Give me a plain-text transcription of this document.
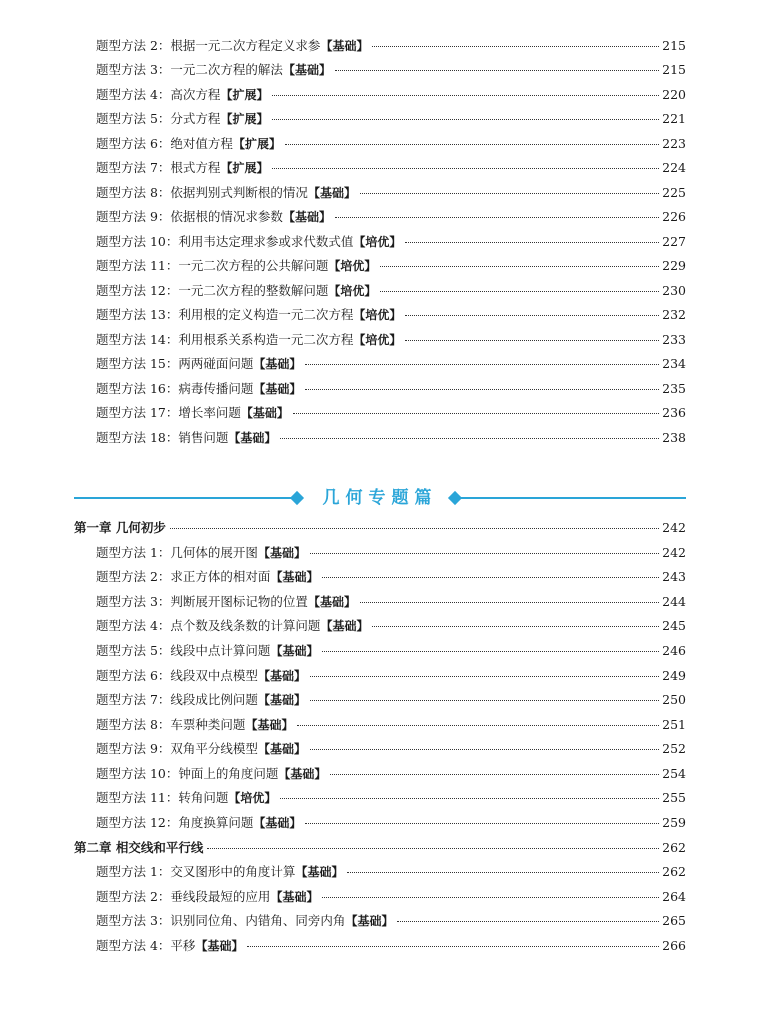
题型方法 2：根据一元二次方程定义求参 【基础】	215
题型方法 3：一元二次方程的解法 【基础】	215
题型方法 4：高次方程 【扩展】	220
题型方法 5：分式方程 【扩展】	221
题型方法 6：绝对值方程 【扩展】	223
题型方法 7：根式方程 【扩展】	224
题型方法 8：依据判别式判断根的情况 【基础】	225
题型方法 9：依据根的情况求参数 【基础】	226
题型方法 10：利用韦达定理求参或求代数式值 【培优】	227
题型方法 11：一元二次方程的公共解问题 【培优】	229
题型方法 12：一元二次方程的整数解问题 【培优】	230
题型方法 13：利用根的定义构造一元二次方程 【培优】	232
题型方法 14：利用根系关系构造一元二次方程 【培优】	233
题型方法 15：两两碰面问题 【基础】	234
题型方法 16：病毒传播问题 【基础】	235
题型方法 17：增长率问题 【基础】	236
题型方法 18：销售问题 【基础】	238
几何专题篇
第一章 几何初步	242
题型方法 1：几何体的展开图 【基础】	242
题型方法 2：求正方体的相对面 【基础】	243
题型方法 3：判断展开图标记物的位置 【基础】	244
题型方法 4：点个数及线条数的计算问题 【基础】	245
题型方法 5：线段中点计算问题 【基础】	246
题型方法 6：线段双中点模型 【基础】	249
题型方法 7：线段成比例问题 【基础】	250
题型方法 8：车票种类问题 【基础】	251
题型方法 9：双角平分线模型 【基础】	252
题型方法 10：钟面上的角度问题 【基础】	254
题型方法 11：转角问题 【培优】	255
题型方法 12：角度换算问题 【基础】	259
第二章 相交线和平行线	262
题型方法 1：交叉图形中的角度计算 【基础】	262
题型方法 2：垂线段最短的应用 【基础】	264
题型方法 3：识别同位角、内错角、同旁内角 【基础】	265
题型方法 4：平移 【基础】	266
